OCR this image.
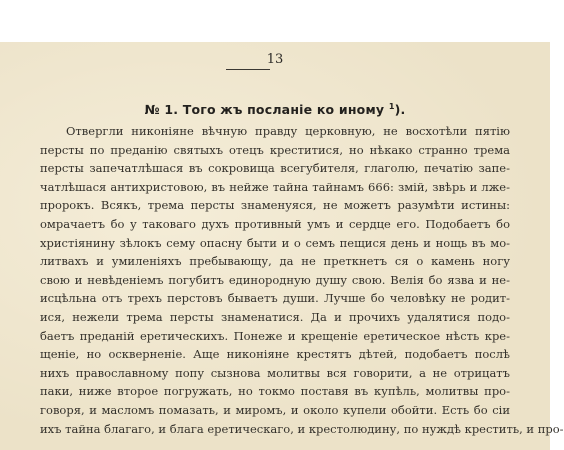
13
№ 1. Того жъ посланіе ко иному $^1$).
Отвергли никоніяне вѣчную правду церковную, не восхотѣли пятію
персты по преданію святыхъ отецъ креститися, но нѣкако странно трема
персты запечатлѣшася въ сокровища всегубителя, глаголю, печатію запе-
чатлѣшася антихристовою, въ нейже тайна тайнамъ 666: змій, звѣрь и лже-
пророкъ. Всякъ, трема персты знаменуяся, не можетъ разумѣти истины:
омрачаетъ бо у таковаго духъ противный умъ и сердце его. Подобаетъ бо
христіянину зѣлокъ сему опасну быти и о семъ пещися день и нощь въ мо-
литвахъ и умиленіяхъ пребывающу, да не преткнетъ ся о камень ногу
свою и невѣденіемъ погубитъ единородную душу свою. Велія бо язва и не-
исцѣльна отъ трехъ перстовъ бываетъ души. Лучше бо человѣку не родит-
ися, нежели трема персты знаменатися. Да и прочихъ удалятися подо-
баетъ преданій еретическихъ. Понеже и крещеніе еретическое нѣсть кре-
щеніе, но оскверненіе. Аще никоніяне крестятъ дѣтей, подобаетъ послѣ
нихъ православному попу сызнова молитвы вся говорити, а не отрицатъ
паки, ниже второе погружать, но токмо поставя въ купѣль, молитвы про-
говоря, и масломъ помазать, и миромъ, и около купели обойти. Есть бо сіи
ихъ тайна благаго, и блага еретическаго, и крестолюдину, по нуждѣ крестить, и про-
